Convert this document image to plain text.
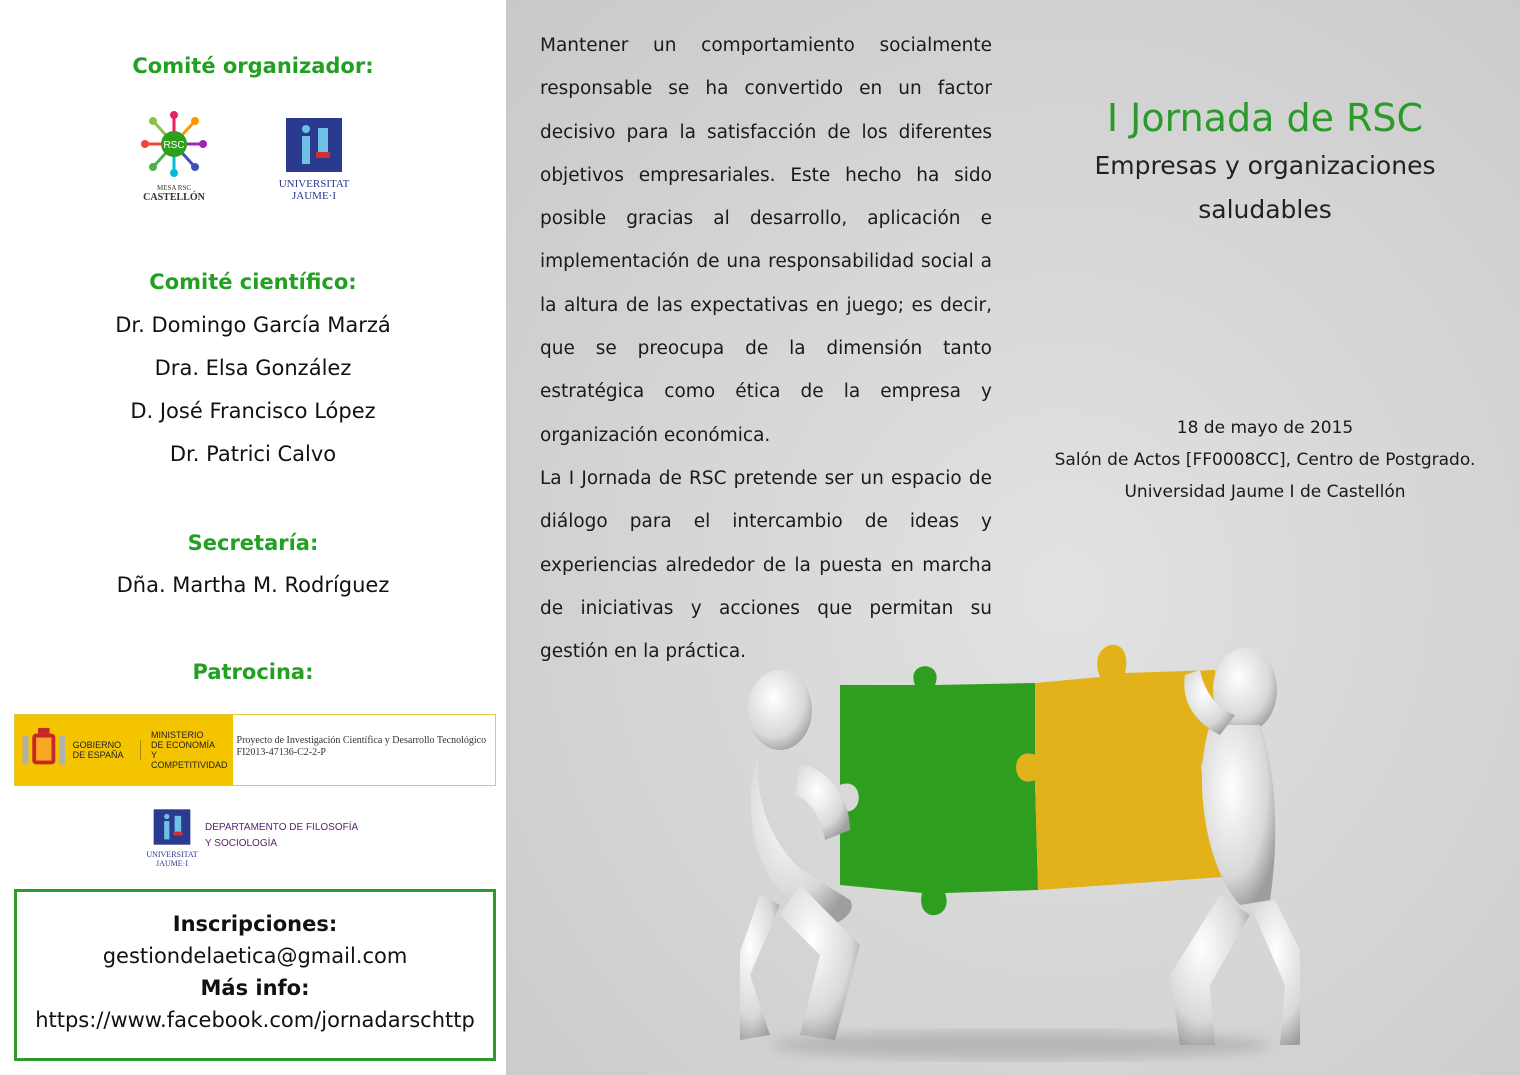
Comité organizador:
RSC
MESA RSC
CASTELLÓN
UNIVERSITAT
JAUME·I
Comité científico:
Dr. Domingo García Marzá
Dra. Elsa González
D. José Francisco López
Dr. Patrici Calvo
Secretaría:
Dña. Martha M. Rodríguez
Patrocina:
GOBIERNO
DE ESPAÑA
MINISTERIO
DE ECONOMÍA
Y COMPETITIVIDAD
Proyecto de Investigación Científica y Desarrollo Tecnológico FI2013-47136-C2-2-P
UNIVERSITAT
JAUME·I
DEPARTAMENTO DE FILOSOFÍA
Y SOCIOLOGÍA
Inscripciones:
gestiondelaetica@gmail.com
Más info:
https://www.facebook.com/jornadarschttp

Mantener un comportamiento socialmente responsable se ha convertido en un factor decisivo para la satisfacción de los diferentes objetivos empresariales. Este hecho ha sido posible gracias al desarrollo, aplicación e implementación de una responsabilidad social a la altura de las expectativas en juego; es decir, que se preocupa de la dimensión tanto estratégica como ética de la empresa y organización económica.

La I Jornada de RSC pretende ser un espacio de diálogo para el intercambio de ideas y experiencias alrededor de la puesta en marcha de iniciativas y acciones que permitan su gestión en la práctica.

I Jornada de RSC
Empresas y organizaciones saludables
18 de mayo de 2015
Salón de Actos [FF0008CC], Centro de Postgrado.
Universidad Jaume I de Castellón
